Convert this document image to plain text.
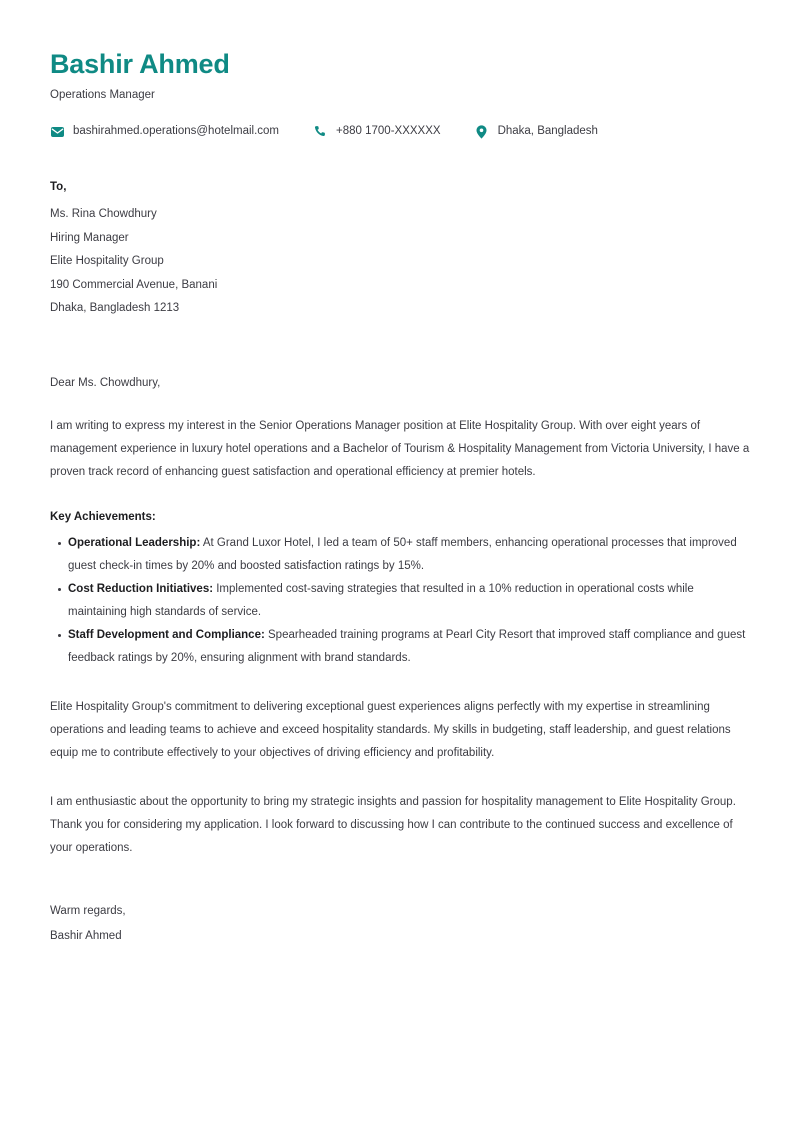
Bashir Ahmed
Operations Manager
bashirahmed.operations@hotelmail.com	+880 1700-XXXXXX	Dhaka, Bangladesh
To,
Ms. Rina Chowdhury
Hiring Manager
Elite Hospitality Group
190 Commercial Avenue, Banani
Dhaka, Bangladesh 1213
Dear Ms. Chowdhury,

I am writing to express my interest in the Senior Operations Manager position at Elite Hospitality Group. With over eight years of management experience in luxury hotel operations and a Bachelor of Tourism & Hospitality Management from Victoria University, I have a proven track record of enhancing guest satisfaction and operational efficiency at premier hotels.

Key Achievements:
Operational Leadership: At Grand Luxor Hotel, I led a team of 50+ staff members, enhancing operational processes that improved guest check-in times by 20% and boosted satisfaction ratings by 15%.
Cost Reduction Initiatives: Implemented cost-saving strategies that resulted in a 10% reduction in operational costs while maintaining high standards of service.
Staff Development and Compliance: Spearheaded training programs at Pearl City Resort that improved staff compliance and guest feedback ratings by 20%, ensuring alignment with brand standards.

Elite Hospitality Group's commitment to delivering exceptional guest experiences aligns perfectly with my expertise in streamlining operations and leading teams to achieve and exceed hospitality standards. My skills in budgeting, staff leadership, and guest relations equip me to contribute effectively to your objectives of driving efficiency and profitability.

I am enthusiastic about the opportunity to bring my strategic insights and passion for hospitality management to Elite Hospitality Group. Thank you for considering my application. I look forward to discussing how I can contribute to the continued success and excellence of your operations.

Warm regards,
Bashir Ahmed
